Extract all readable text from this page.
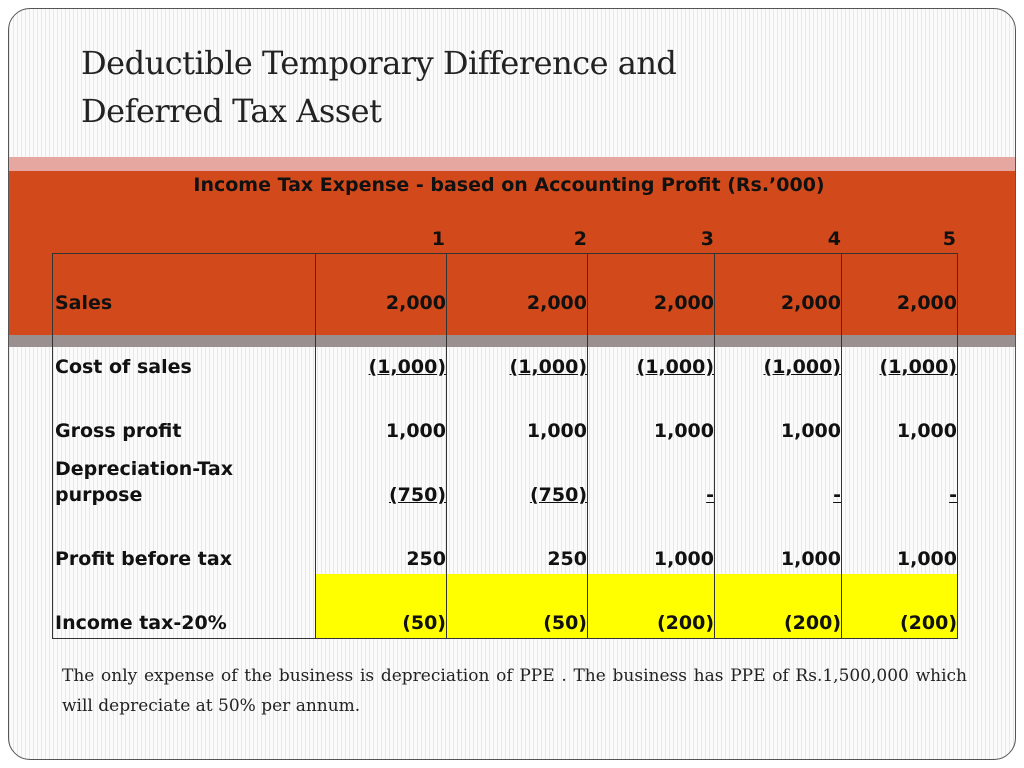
Deductible Temporary Difference and
Deferred Tax Asset
Income Tax Expense - based on Accounting Profit (Rs.’000)
1	2	3	4	5
Sales	2,000	2,000	2,000	2,000	2,000
Cost of sales	(1,000)	(1,000)	(1,000)	(1,000)	(1,000)
Gross profit	1,000	1,000	1,000	1,000	1,000

Depreciation-Tax
purpose	(750)	(750)	-	-	-
Profit before tax	250	250	1,000	1,000	1,000
Income tax-20%	(50)	(50)	(200)	(200)	(200)

The only expense of the business is depreciation of PPE . The business has PPE of Rs.1,500,000 which will depreciate at 50% per annum.
